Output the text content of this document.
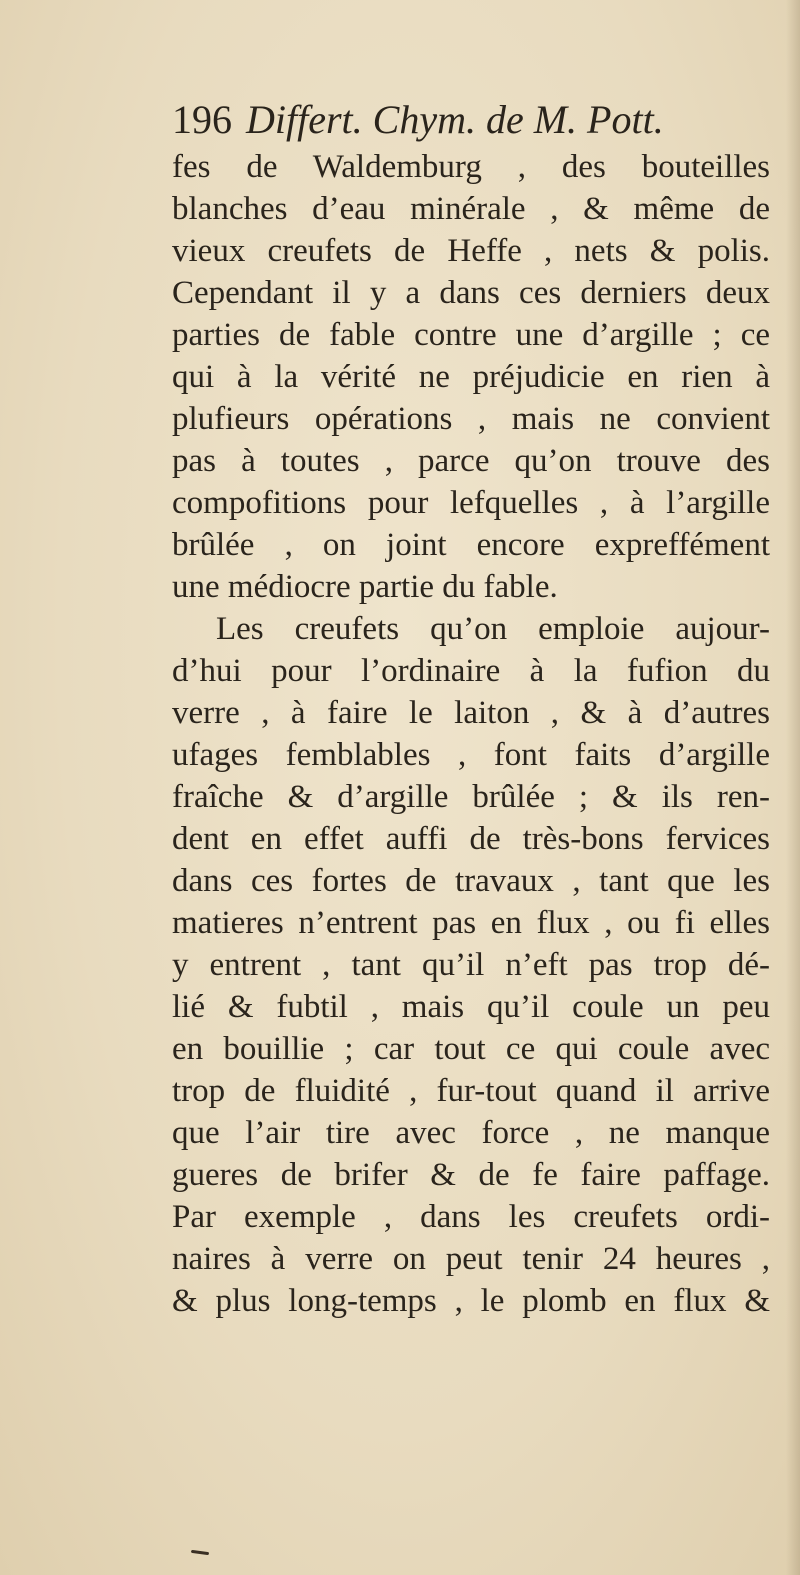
196 Differt. Chym. de M. Pott.
fes de Waldemburg , des bouteilles
blanches d’eau minérale , & même de
vieux creufets de Heffe , nets & polis.
Cependant il y a dans ces derniers deux
parties de fable contre une d’argille ; ce
qui à la vérité ne préjudicie en rien à
plufieurs opérations , mais ne convient
pas à toutes , parce qu’on trouve des
compofitions pour lefquelles , à l’argille
brûlée , on joint encore expreffément
une médiocre partie du fable.
Les creufets qu’on emploie aujour-
d’hui pour l’ordinaire à la fufion du
verre , à faire le laiton , & à d’autres
ufages femblables , font faits d’argille
fraîche & d’argille brûlée ; & ils ren-
dent en effet auffi de très-bons fervices
dans ces fortes de travaux , tant que les
matieres n’entrent pas en flux , ou fi elles
y entrent , tant qu’il n’eft pas trop dé-
lié & fubtil , mais qu’il coule un peu
en bouillie ; car tout ce qui coule avec
trop de fluidité , fur-tout quand il arrive
que l’air tire avec force , ne manque
gueres de brifer & de fe faire paffage.
Par exemple , dans les creufets ordi-
naires à verre on peut tenir 24 heures ,
& plus long-temps , le plomb en flux &
